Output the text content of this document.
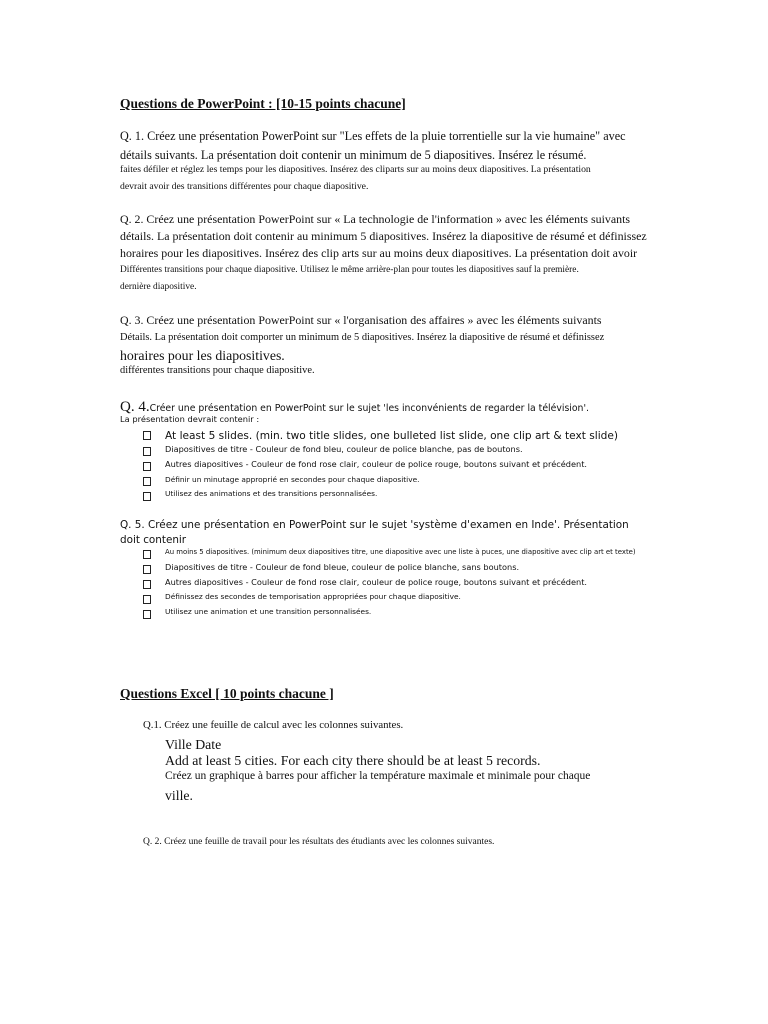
Questions de PowerPoint : [10-15 points chacune]
Q. 1. Créez une présentation PowerPoint sur "Les effets de la pluie torrentielle sur la vie humaine" avec
détails suivants. La présentation doit contenir un minimum de 5 diapositives. Insérez le résumé.
faites défiler et réglez les temps pour les diapositives. Insérez des cliparts sur au moins deux diapositives. La présentation
devrait avoir des transitions différentes pour chaque diapositive.
Q. 2. Créez une présentation PowerPoint sur « La technologie de l'information » avec les éléments suivants
détails. La présentation doit contenir au minimum 5 diapositives. Insérez la diapositive de résumé et définissez
horaires pour les diapositives. Insérez des clip arts sur au moins deux diapositives. La présentation doit avoir
Différentes transitions pour chaque diapositive. Utilisez le même arrière-plan pour toutes les diapositives sauf la première.
dernière diapositive.
Q. 3. Créez une présentation PowerPoint sur « l'organisation des affaires » avec les éléments suivants
Détails. La présentation doit comporter un minimum de 5 diapositives. Insérez la diapositive de résumé et définissez
horaires pour les diapositives.
différentes transitions pour chaque diapositive.
Q. 4.Créer une présentation en PowerPoint sur le sujet 'les inconvénients de regarder la télévision'.
La présentation devrait contenir :
At least 5 slides. (min. two title slides, one bulleted list slide, one clip art & text slide)
Diapositives de titre - Couleur de fond bleu, couleur de police blanche, pas de boutons.
Autres diapositives - Couleur de fond rose clair, couleur de police rouge, boutons suivant et précédent.
Définir un minutage approprié en secondes pour chaque diapositive.
Utilisez des animations et des transitions personnalisées.
Q. 5. Créez une présentation en PowerPoint sur le sujet 'système d'examen en Inde'. Présentation
doit contenir
Au moins 5 diapositives. (minimum deux diapositives titre, une diapositive avec une liste à puces, une diapositive avec clip art et texte)
Diapositives de titre - Couleur de fond bleue, couleur de police blanche, sans boutons.
Autres diapositives - Couleur de fond rose clair, couleur de police rouge, boutons suivant et précédent.
Définissez des secondes de temporisation appropriées pour chaque diapositive.
Utilisez une animation et une transition personnalisées.
Questions Excel [ 10 points chacune ]
Q.1. Créez une feuille de calcul avec les colonnes suivantes.
Ville Date
Add at least 5 cities. For each city there should be at least 5 records.
Créez un graphique à barres pour afficher la température maximale et minimale pour chaque
ville.
Q. 2. Créez une feuille de travail pour les résultats des étudiants avec les colonnes suivantes.
